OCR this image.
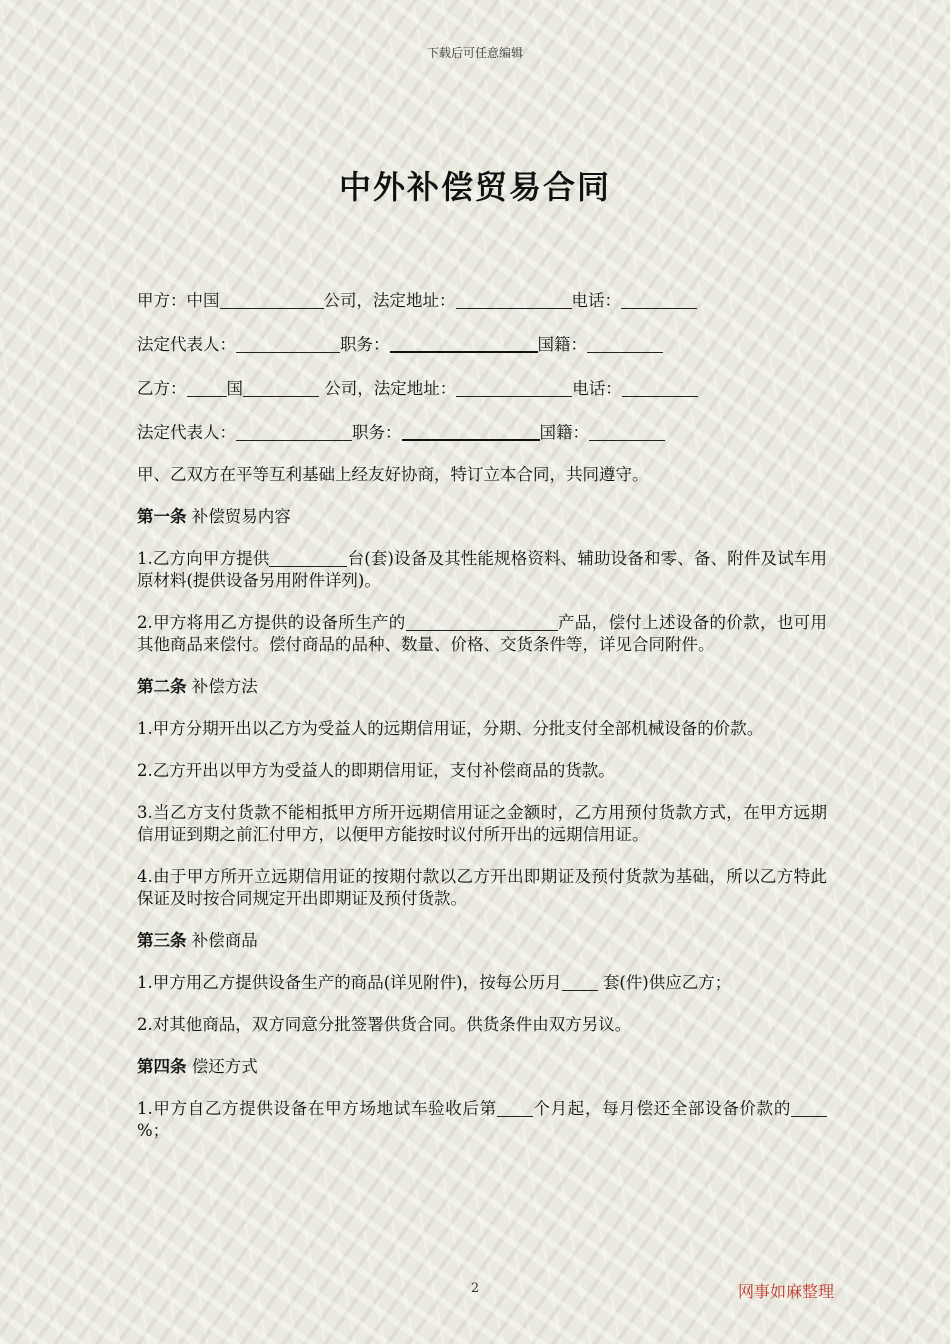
下载后可任意编辑
中外补偿贸易合同

甲方：中国	公司，法定地址：	电话：

法定代表人：	职务：	国籍：

乙方： 国	公司，法定地址：	电话：

法定代表人：	职务：	国籍：

甲、乙双方在平等互利基础上经友好协商，特订立本合同，共同遵守。

第一条 补偿贸易内容

1.乙方向甲方提供	台(套)设备及其性能规格资料、辅助设备和零、备、附件及试车用原材料(提供设备另用附件详列)。

2.甲方将用乙方提供的设备所生产的	产品，偿付上述设备的价款，也可用其他商品来偿付。偿付商品的品种、数量、价格、交货条件等，详见合同附件。

第二条 补偿方法

1.甲方分期开出以乙方为受益人的远期信用证，分期、分批支付全部机械设备的价款。

2.乙方开出以甲方为受益人的即期信用证，支付补偿商品的货款。

3.当乙方支付货款不能相抵甲方所开远期信用证之金额时，乙方用预付货款方式，在甲方远期信用证到期之前汇付甲方，以便甲方能按时议付所开出的远期信用证。

4.由于甲方所开立远期信用证的按期付款以乙方开出即期证及预付货款为基础，所以乙方特此保证及时按合同规定开出即期证及预付货款。

第三条 补偿商品

1.甲方用乙方提供设备生产的商品(详见附件)，按每公历月 套(件)供应乙方；

2.对其他商品，双方同意分批签署供货合同。供货条件由双方另议。

第四条 偿还方式

1.甲方自乙方提供设备在甲方场地试车验收后第 个月起，每月偿还全部设备价款的%；

2	网事如麻整理
